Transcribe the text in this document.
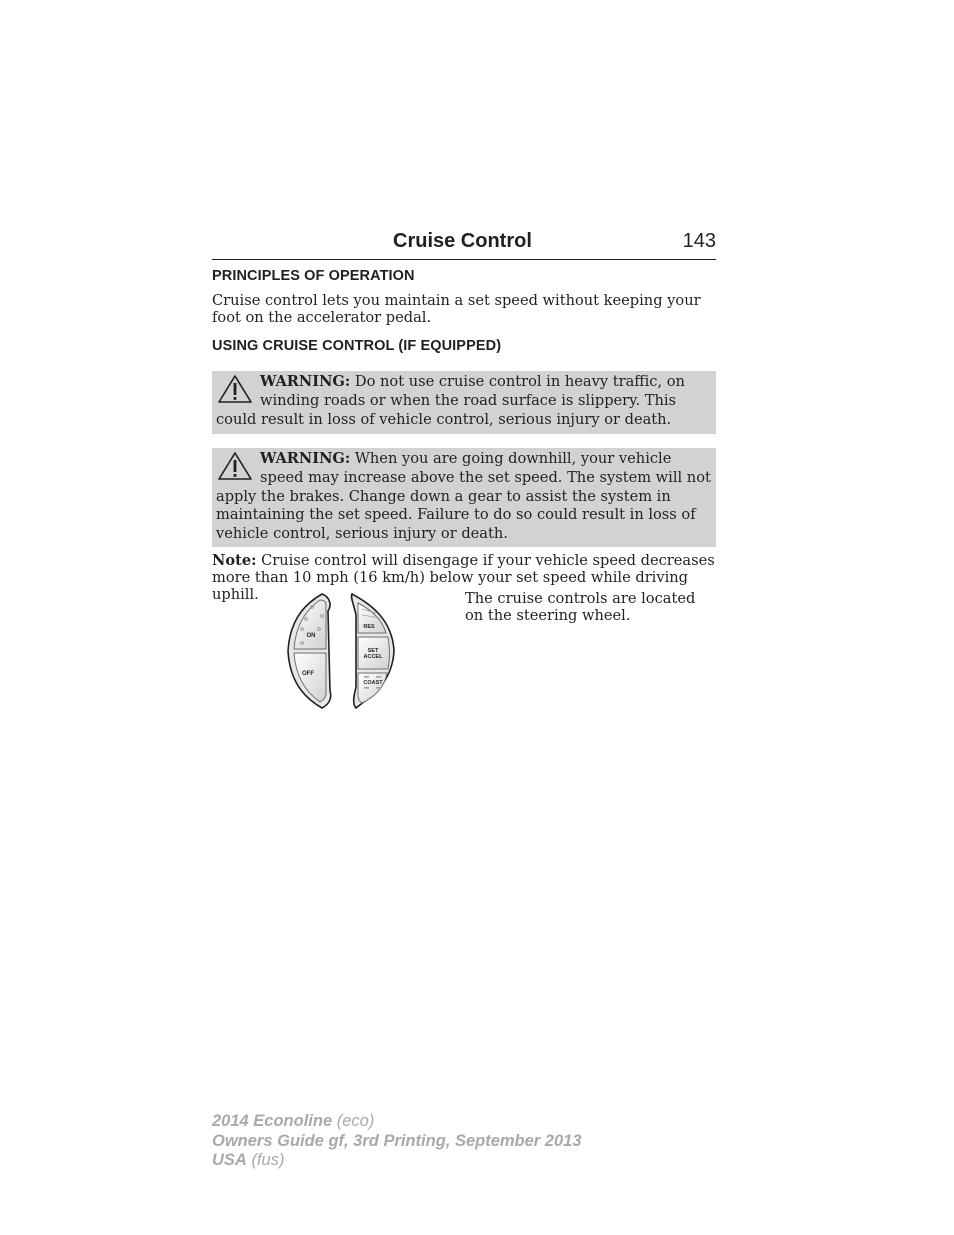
Cruise Control	143
PRINCIPLES OF OPERATION
Cruise control lets you maintain a set speed without keeping your foot on the accelerator pedal.
USING CRUISE CONTROL (IF EQUIPPED)
WARNING: Do not use cruise control in heavy traffic, on winding roads or when the road surface is slippery. This could result in loss of vehicle control, serious injury or death.
WARNING: When you are going downhill, your vehicle speed may increase above the set speed. The system will not apply the brakes. Change down a gear to assist the system in maintaining the set speed. Failure to do so could result in loss of vehicle control, serious injury or death.
Note: Cruise control will disengage if your vehicle speed decreases more than 10 mph (16 km/h) below your set speed while driving uphill.
ON
OFF
RES
SET
ACCEL
COAST
The cruise controls are located on the steering wheel.
2014 Econoline (eco)
Owners Guide gf, 3rd Printing, September 2013
USA (fus)
